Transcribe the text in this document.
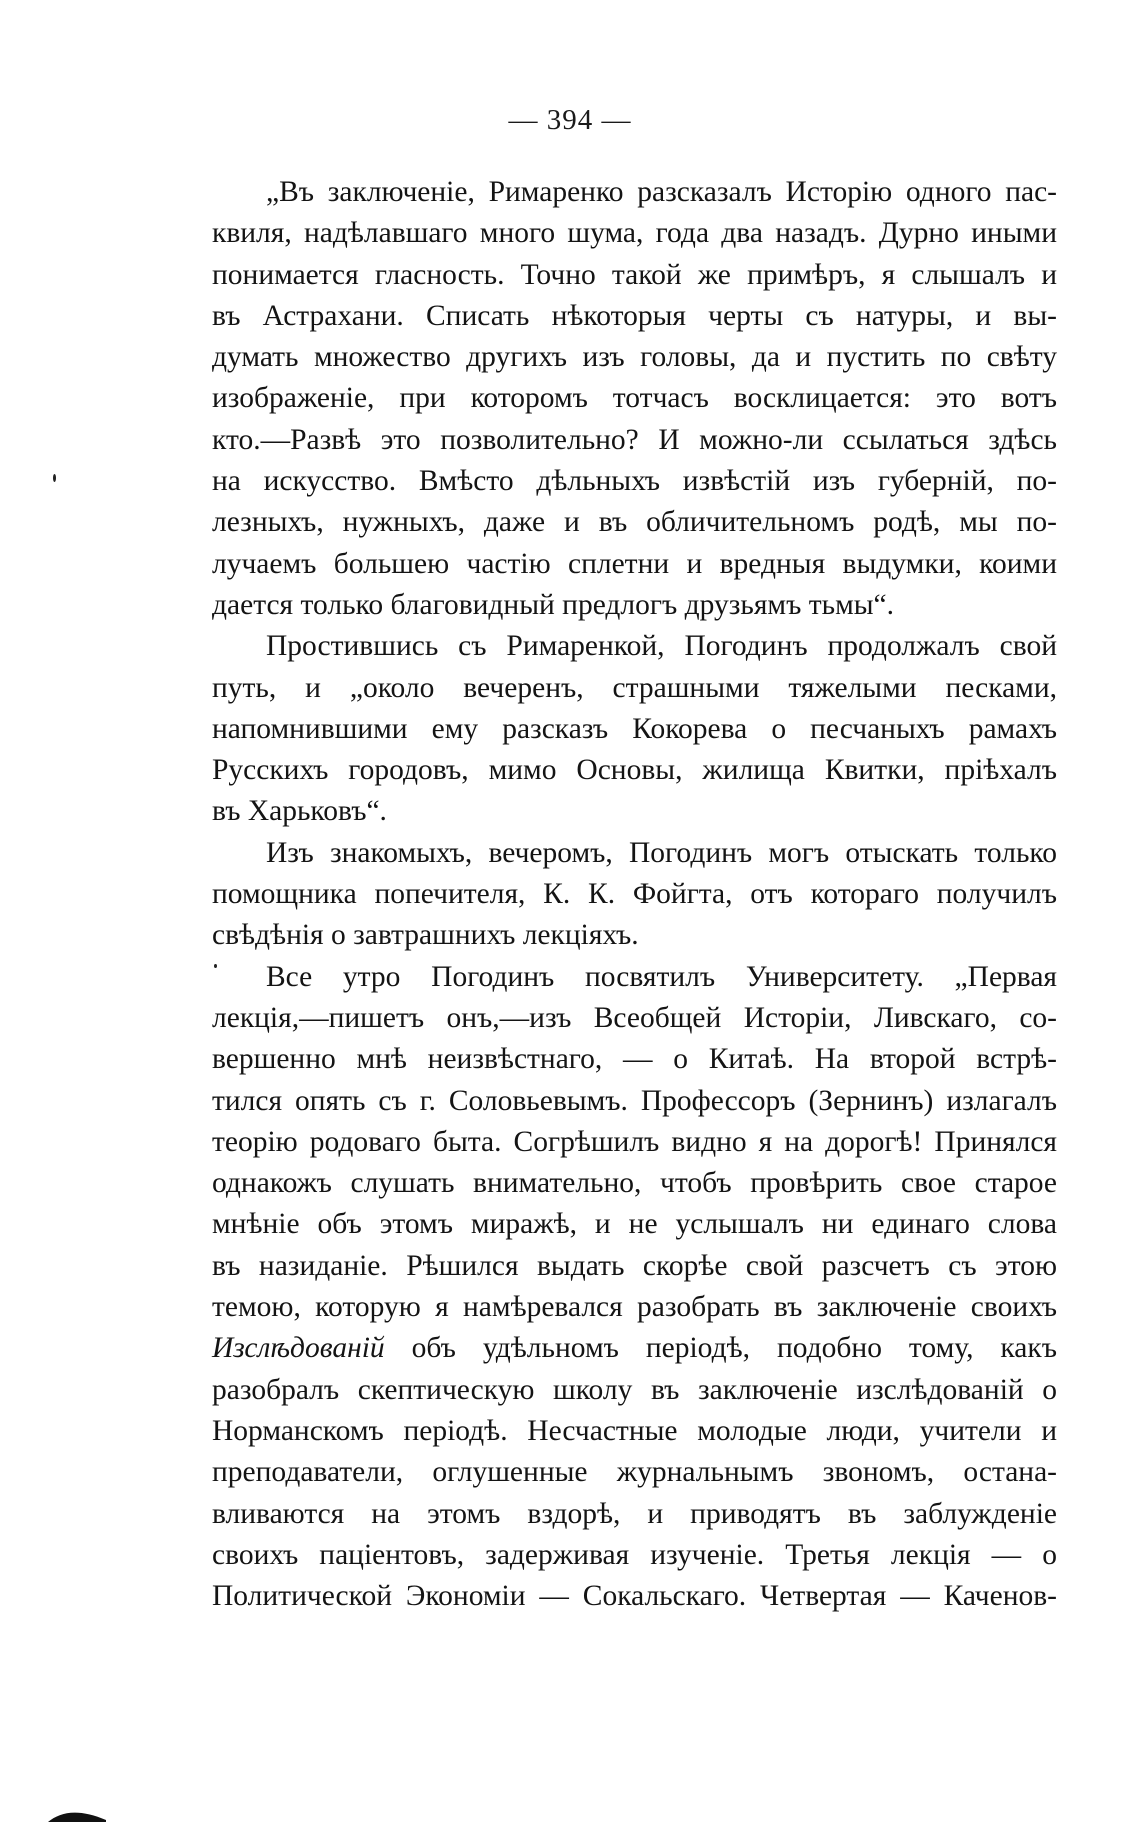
— 394 —
„Въ заключеніе, Римаренко разсказалъ Исторію одного пас-
квиля, надѣлавшаго много шума, года два назадъ. Дурно иными
понимается гласность. Точно такой же примѣръ, я слышалъ и
въ Астрахани. Списать нѣкоторыя черты съ натуры, и вы-
думать множество другихъ изъ головы, да и пустить по свѣту
изображеніе, при которомъ тотчасъ восклицается: это вотъ
кто.—Развѣ это позволительно? И можно-ли ссылаться здѣсь
на искусство. Вмѣсто дѣльныхъ извѣстій изъ губерній, по-
лезныхъ, нужныхъ, даже и въ обличительномъ родѣ, мы по-
лучаемъ большею частію сплетни и вредныя выдумки, коими
дается только благовидный предлогъ друзьямъ тьмы“.
Простившись съ Римаренкой, Погодинъ продолжалъ свой
путь, и „около вечеренъ, страшными тяжелыми песками,
напомнившими ему разсказъ Кокорева о песчаныхъ рамахъ
Русскихъ городовъ, мимо Основы, жилища Квитки, пріѣхалъ
въ Харьковъ“.
Изъ знакомыхъ, вечеромъ, Погодинъ могъ отыскать только
помощника попечителя, К. К. Фойгта, отъ котораго получилъ
свѣдѣнія о завтрашнихъ лекціяхъ.
Все утро Погодинъ посвятилъ Университету. „Первая
лекція,—пишетъ онъ,—изъ Всеобщей Исторіи, Ливскаго, со-
вершенно мнѣ неизвѣстнаго, — о Китаѣ. На второй встрѣ-
тился опять съ г. Соловьевымъ. Профессоръ (Зернинъ) излагалъ
теорію родоваго быта. Согрѣшилъ видно я на дорогѣ! Принялся
однакожъ слушать внимательно, чтобъ провѣрить свое старое
мнѣніе объ этомъ миражѣ, и не услышалъ ни единаго слова
въ назиданіе. Рѣшился выдать скорѣе свой разсчетъ съ этою
темою, которую я намѣревался разобрать въ заключеніе своихъ
Изслѣдованій объ удѣльномъ періодѣ, подобно тому, какъ
разобралъ скептическую школу въ заключеніе изслѣдованій о
Норманскомъ періодѣ. Несчастные молодые люди, учители и
преподаватели, оглушенные журнальнымъ звономъ, останa-
вливаются на этомъ вздорѣ, и приводятъ въ заблужденіе
своихъ паціентовъ, задерживая изученіе. Третья лекція — о
Политической Экономіи — Сокальскаго. Четвертая — Каченов-
